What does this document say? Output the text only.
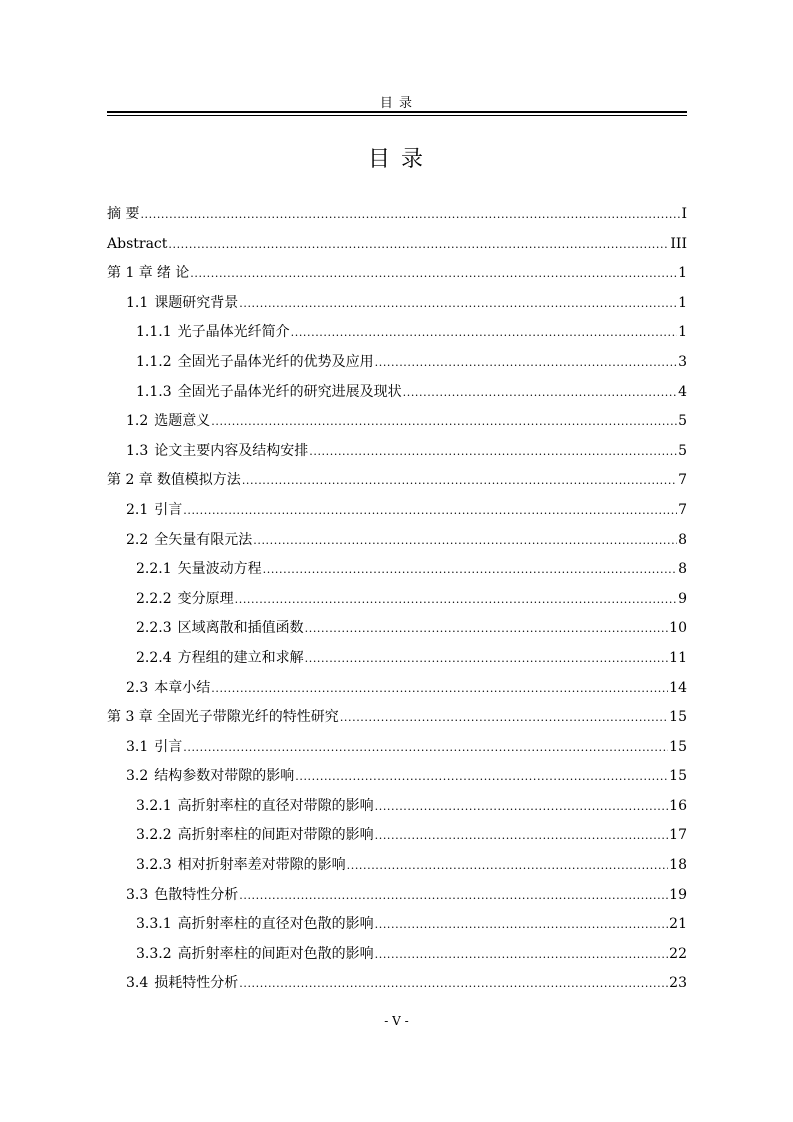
目 录
目 录
摘 要 .....	I
Abstract .....	III
第 1 章 绪 论 .....	1
1.1 课题研究背景 .....	1
1.1.1 光子晶体光纤简介 .....	1
1.1.2 全固光子晶体光纤的优势及应用 .....	3
1.1.3 全固光子晶体光纤的研究进展及现状 .....	4
1.2 选题意义 .....	5
1.3 论文主要内容及结构安排 .....	5
第 2 章 数值模拟方法 .....	7
2.1 引言 .....	7
2.2 全矢量有限元法 .....	8
2.2.1 矢量波动方程 .....	8
2.2.2 变分原理 .....	9
2.2.3 区域离散和插值函数 .....	10
2.2.4 方程组的建立和求解 .....	11
2.3 本章小结 .....	14
第 3 章 全固光子带隙光纤的特性研究 .....	15
3.1 引言 .....	15
3.2 结构参数对带隙的影响 .....	15
3.2.1 高折射率柱的直径对带隙的影响 .....	16
3.2.2 高折射率柱的间距对带隙的影响 .....	17
3.2.3 相对折射率差对带隙的影响 .....	18
3.3 色散特性分析 .....	19
3.3.1 高折射率柱的直径对色散的影响 .....	21
3.3.2 高折射率柱的间距对色散的影响 .....	22
3.4 损耗特性分析 .....	23
- V -
